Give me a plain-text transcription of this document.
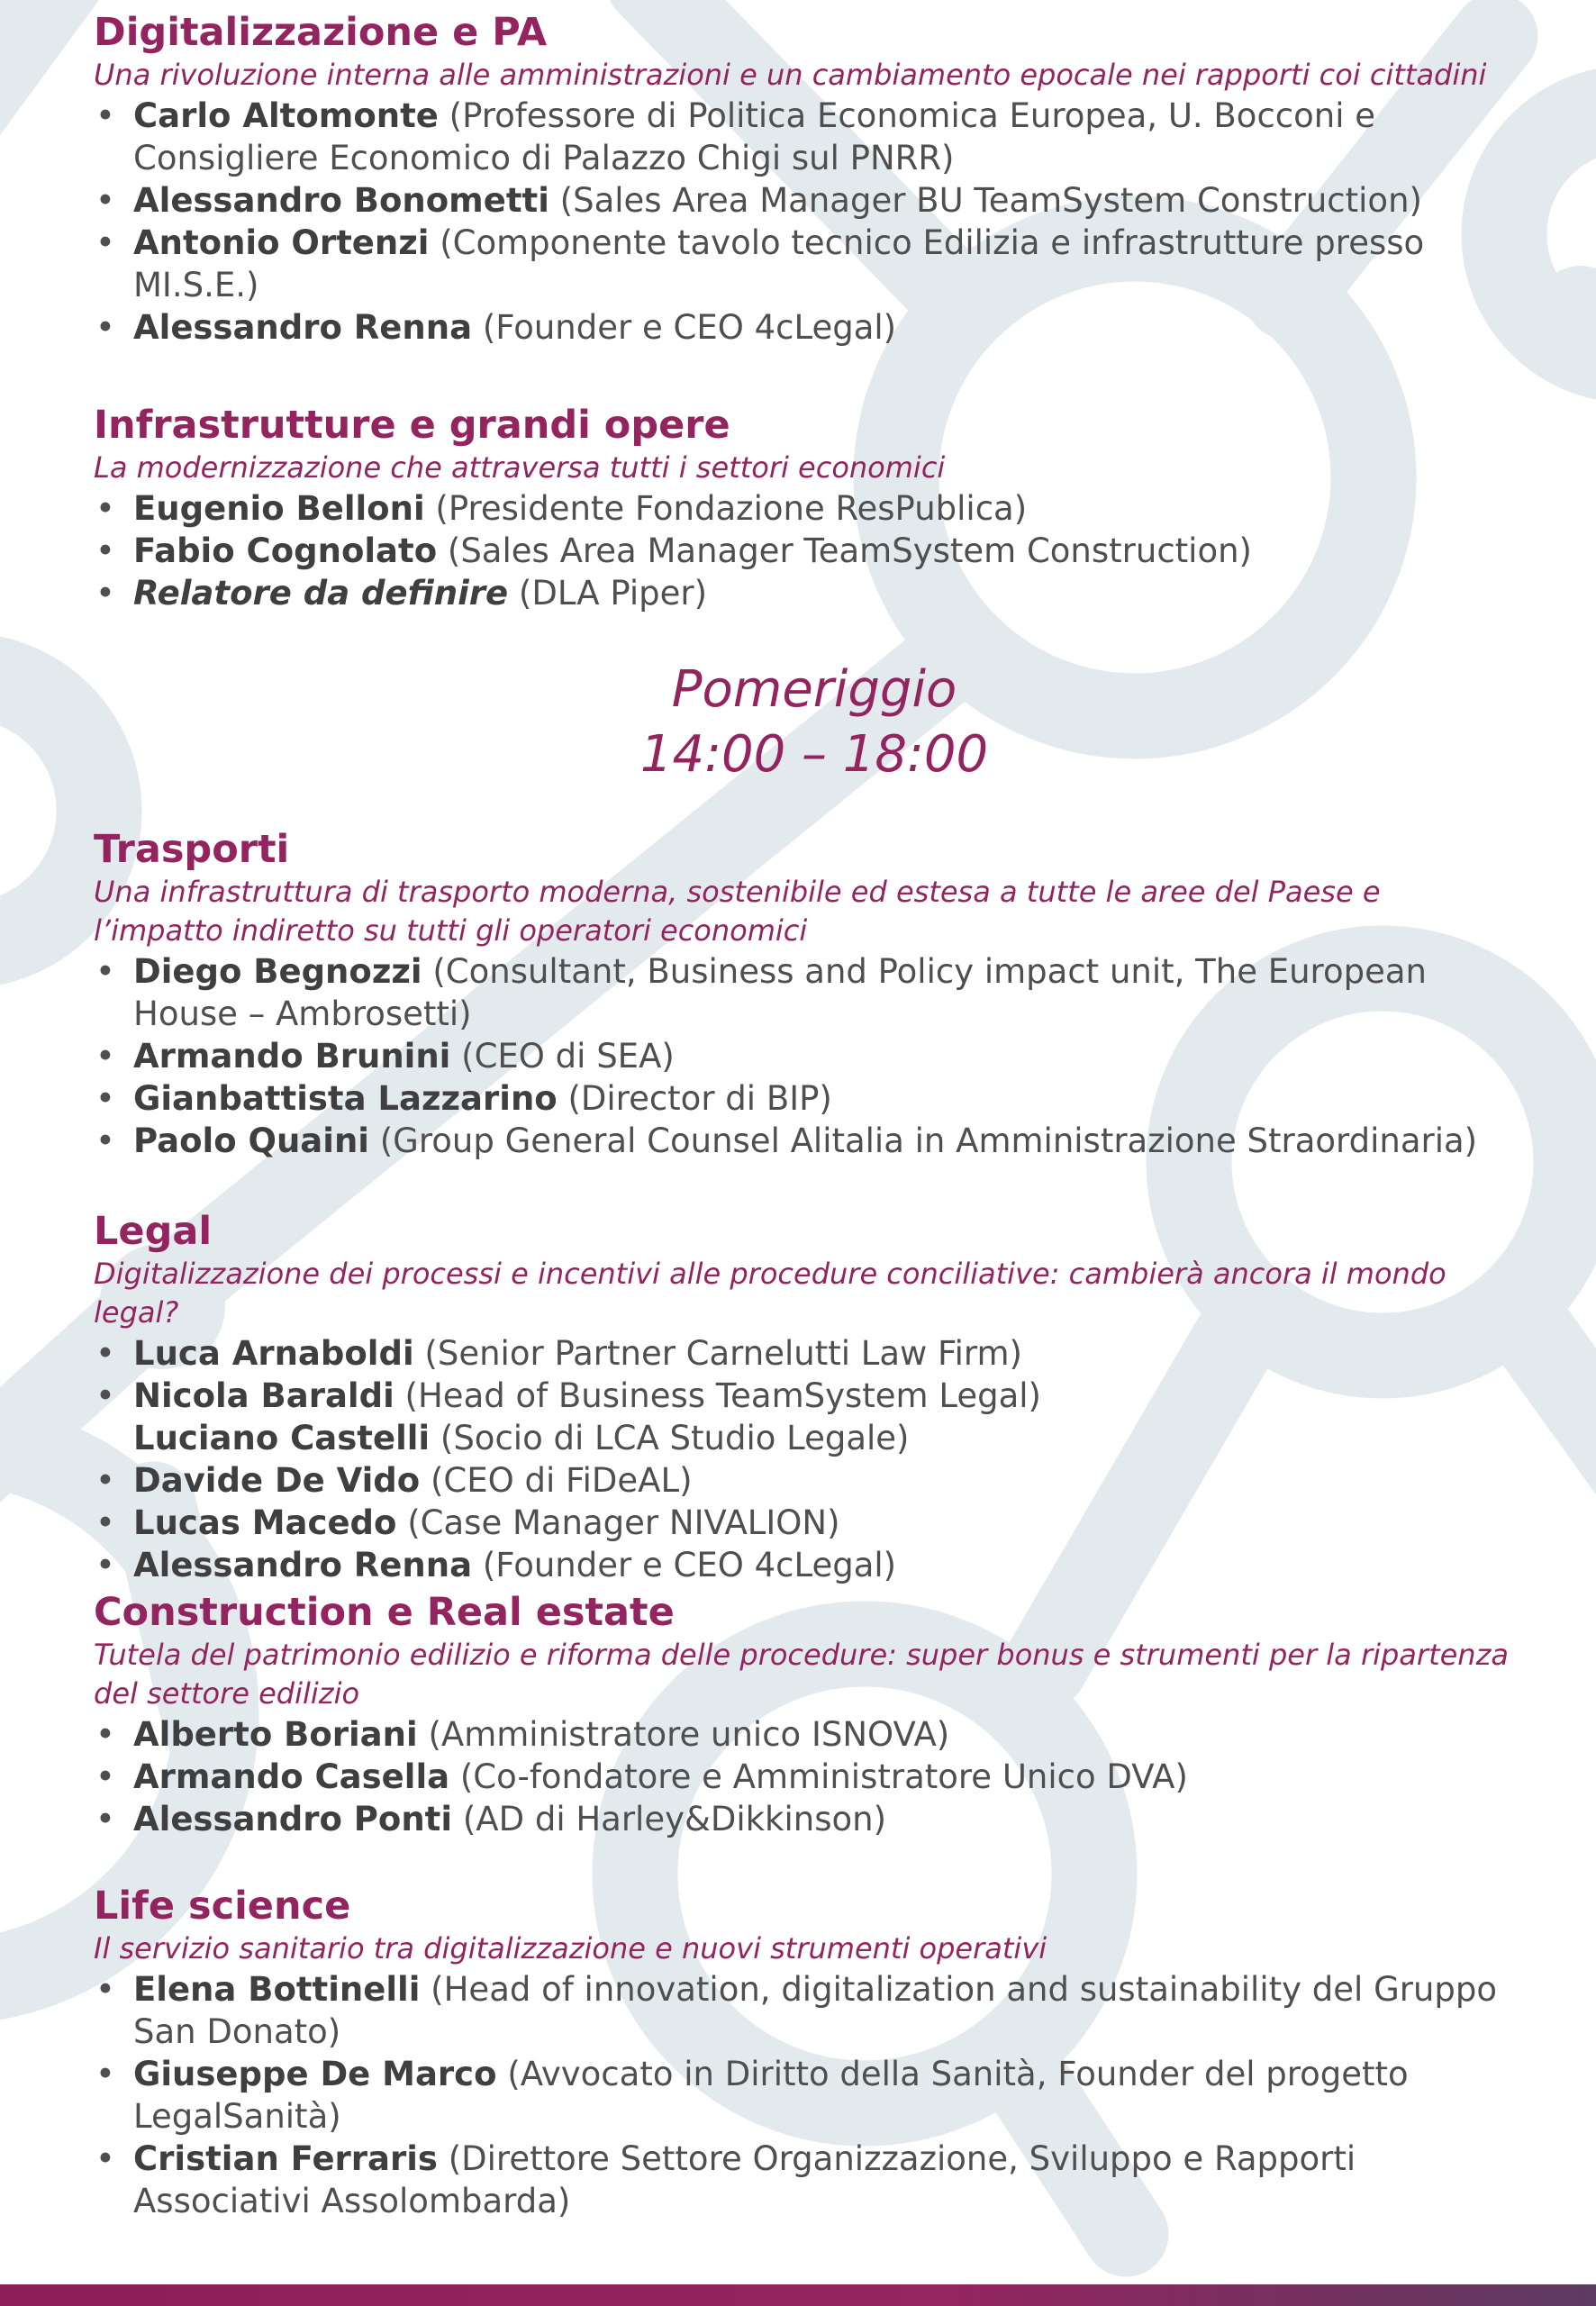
Digitalizzazione e PA

Una rivoluzione interna alle amministrazioni e un cambiamento epocale nei rapporti coi cittadini

• Carlo Altomonte (Professore di Politica Economica Europea, U. Bocconi e Consigliere Economico di Palazzo Chigi sul PNRR)
• Alessandro Bonometti (Sales Area Manager BU TeamSystem Construction)
• Antonio Ortenzi (Componente tavolo tecnico Edilizia e infrastrutture presso MI.S.E.)
• Alessandro Renna (Founder e CEO 4cLegal)
Infrastrutture e grandi opere

La modernizzazione che attraversa tutti i settori economici

• Eugenio Belloni (Presidente Fondazione ResPublica)
• Fabio Cognolato (Sales Area Manager TeamSystem Construction)
• Relatore da definire (DLA Piper)
Pomeriggio
14:00 – 18:00
Trasporti

Una infrastruttura di trasporto moderna, sostenibile ed estesa a tutte le aree del Paese e l’impatto indiretto su tutti gli operatori economici

• Diego Begnozzi (Consultant, Business and Policy impact unit, The European House – Ambrosetti)
• Armando Brunini (CEO di SEA)
• Gianbattista Lazzarino (Director di BIP)
• Paolo Quaini (Group General Counsel Alitalia in Amministrazione Straordinaria)
Legal

Digitalizzazione dei processi e incentivi alle procedure conciliative: cambierà ancora il mondo legal?

• Luca Arnaboldi (Senior Partner Carnelutti Law Firm)
• Nicola Baraldi (Head of Business TeamSystem Legal)
Luciano Castelli (Socio di LCA Studio Legale)
• Davide De Vido (CEO di FiDeAL)
• Lucas Macedo (Case Manager NIVALION)
• Alessandro Renna (Founder e CEO 4cLegal)
Construction e Real estate

Tutela del patrimonio edilizio e riforma delle procedure: super bonus e strumenti per la ripartenza del settore edilizio

• Alberto Boriani (Amministratore unico ISNOVA)
• Armando Casella (Co-fondatore e Amministratore Unico DVA)
• Alessandro Ponti (AD di Harley&Dikkinson)
Life science

Il servizio sanitario tra digitalizzazione e nuovi strumenti operativi

• Elena Bottinelli (Head of innovation, digitalization and sustainability del Gruppo San Donato)
• Giuseppe De Marco (Avvocato in Diritto della Sanità, Founder del progetto LegalSanità)
• Cristian Ferraris (Direttore Settore Organizzazione, Sviluppo e Rapporti Associativi Assolombarda)
